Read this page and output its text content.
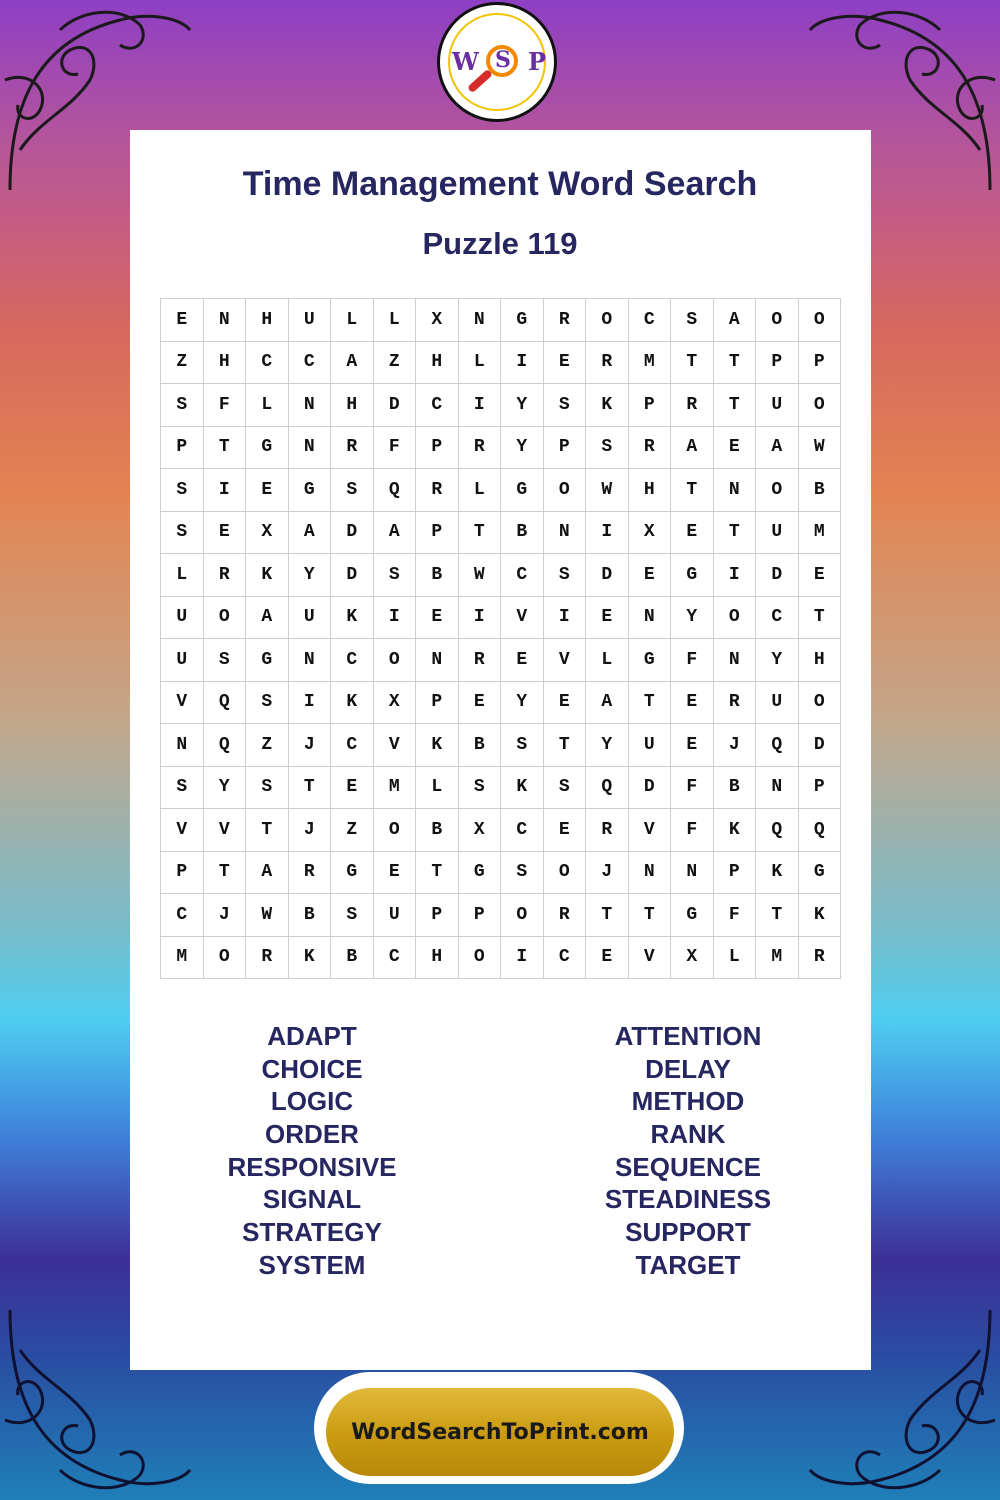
W S P
Time Management Word Search
Puzzle 119
E	N	H	U	L	L	X	N	G	R	O	C	S	A	O	O
Z	H	C	C	A	Z	H	L	I	E	R	M	T	T	P	P
S	F	L	N	H	D	C	I	Y	S	K	P	R	T	U	O
P	T	G	N	R	F	P	R	Y	P	S	R	A	E	A	W
S	I	E	G	S	Q	R	L	G	O	W	H	T	N	O	B
S	E	X	A	D	A	P	T	B	N	I	X	E	T	U	M
L	R	K	Y	D	S	B	W	C	S	D	E	G	I	D	E
U	O	A	U	K	I	E	I	V	I	E	N	Y	O	C	T
U	S	G	N	C	O	N	R	E	V	L	G	F	N	Y	H
V	Q	S	I	K	X	P	E	Y	E	A	T	E	R	U	O
N	Q	Z	J	C	V	K	B	S	T	Y	U	E	J	Q	D
S	Y	S	T	E	M	L	S	K	S	Q	D	F	B	N	P
V	V	T	J	Z	O	B	X	C	E	R	V	F	K	Q	Q
P	T	A	R	G	E	T	G	S	O	J	N	N	P	K	G
C	J	W	B	S	U	P	P	O	R	T	T	G	F	T	K
M	O	R	K	B	C	H	O	I	C	E	V	X	L	M	R
ADAPT
CHOICE
LOGIC
ORDER
RESPONSIVE
SIGNAL
STRATEGY
SYSTEM
ATTENTION
DELAY
METHOD
RANK
SEQUENCE
STEADINESS
SUPPORT
TARGET
WordSearchToPrint.com
